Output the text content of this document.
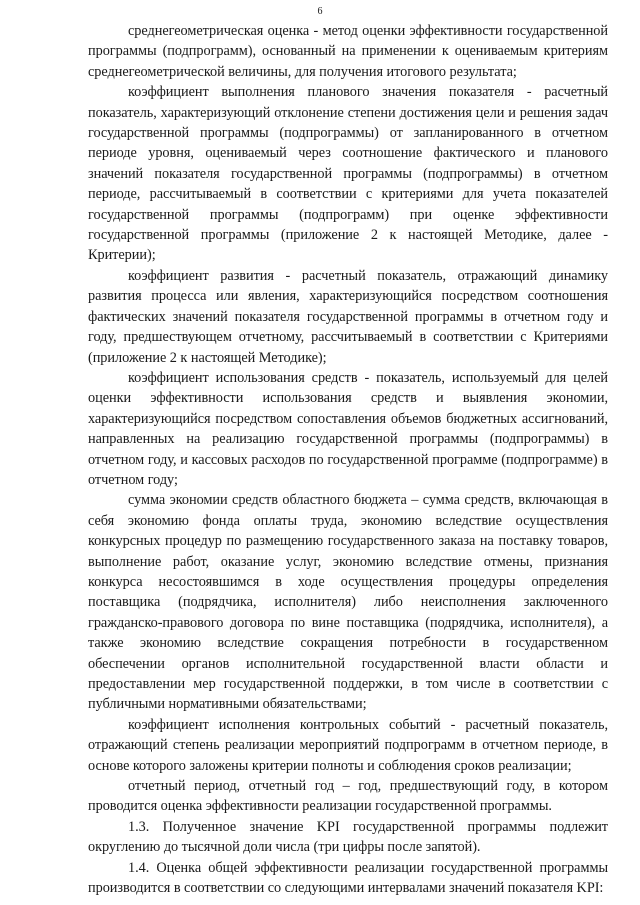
6

среднегеометрическая оценка - метод оценки эффективности государственной программы (подпрограмм), основанный на применении к оцениваемым критериям среднегеометрической величины, для получения итогового результата;

коэффициент выполнения планового значения показателя - расчетный показатель, характеризующий отклонение степени достижения цели и решения задач государственной программы (подпрограммы) от запланированного в отчетном периоде уровня, оцениваемый через соотношение фактического и планового значений показателя государственной программы (подпрограммы) в отчетном периоде, рассчитываемый в соответствии с критериями для учета показателей государственной программы (подпрограмм) при оценке эффективности государственной программы (приложение 2 к настоящей Методике, далее - Критерии);

коэффициент развития - расчетный показатель, отражающий динамику развития процесса или явления, характеризующийся посредством соотношения фактических значений показателя государственной программы в отчетном году и году, предшествующем отчетному, рассчитываемый в соответствии с Критериями (приложение 2 к настоящей Методике);

коэффициент использования средств - показатель, используемый для целей оценки эффективности использования средств и выявления экономии, характеризующийся посредством сопоставления объемов бюджетных ассигнований, направленных на реализацию государственной программы (подпрограммы) в отчетном году, и кассовых расходов по государственной программе (подпрограмме) в отчетном году;

сумма экономии средств областного бюджета – сумма средств, включающая в себя экономию фонда оплаты труда, экономию вследствие осуществления конкурсных процедур по размещению государственного заказа на поставку товаров, выполнение работ, оказание услуг, экономию вследствие отмены, признания конкурса несостоявшимся в ходе осуществления процедуры определения поставщика (подрядчика, исполнителя) либо неисполнения заключенного гражданско-правового договора по вине поставщика (подрядчика, исполнителя), а также экономию вследствие сокращения потребности в государственном обеспечении органов исполнительной государственной власти области и предоставлении мер государственной поддержки, в том числе в соответствии с публичными нормативными обязательствами;

коэффициент исполнения контрольных событий - расчетный показатель, отражающий степень реализации мероприятий подпрограмм в отчетном периоде, в основе которого заложены критерии полноты и соблюдения сроков реализации;

отчетный период, отчетный год – год, предшествующий году, в котором проводится оценка эффективности реализации государственной программы.

1.3. Полученное значение KPI государственной программы подлежит округлению до тысячной доли числа (три цифры после запятой).

1.4. Оценка общей эффективности реализации государственной программы производится в соответствии со следующими интервалами значений показателя KPI:
